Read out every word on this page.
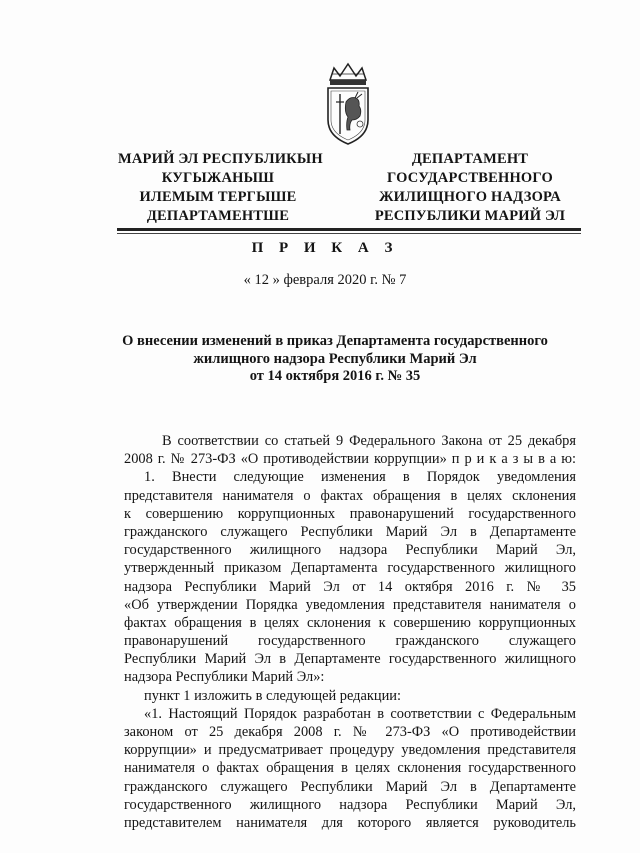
МАРИЙ ЭЛ РЕСПУБЛИКЫН
КУГЫЖАНЫШ
ИЛЕМЫМ ТЕРГЫШЕ
ДЕПАРТАМЕНТШЕ
ДЕПАРТАМЕНТ
ГОСУДАРСТВЕННОГО
ЖИЛИЩНОГО НАДЗОРА
РЕСПУБЛИКИ МАРИЙ ЭЛ
П Р И К А З
« 12 » февраля 2020 г. № 7
О внесении изменений в приказ Департамента государственного
жилищного надзора Республики Марий Эл
от 14 октября 2016 г. № 35
В соответствии со статьей 9 Федерального Закона от 25 декабря
2008 г. № 273-ФЗ «О противодействии коррупции» п р и к а з ы в а ю:
1. Внести следующие изменения в Порядок уведомления
представителя нанимателя о фактах обращения в целях склонения
к совершению коррупционных правонарушений государственного
гражданского служащего Республики Марий Эл в Департаменте
государственного жилищного надзора Республики Марий Эл,
утвержденный приказом Департамента государственного жилищного
надзора Республики Марий Эл от 14 октября 2016 г. № 35
«Об утверждении Порядка уведомления представителя нанимателя о
фактах обращения в целях склонения к совершению коррупционных
правонарушений государственного гражданского служащего
Республики Марий Эл в Департаменте государственного жилищного
надзора Республики Марий Эл»:
пункт 1 изложить в следующей редакции:
«1. Настоящий Порядок разработан в соответствии с Федеральным
законом от 25 декабря 2008 г. № 273-ФЗ «О противодействии
коррупции» и предусматривает процедуру уведомления представителя
нанимателя о фактах обращения в целях склонения государственного
гражданского служащего Республики Марий Эл в Департаменте
государственного жилищного надзора Республики Марий Эл,
представителем нанимателя для которого является руководитель
